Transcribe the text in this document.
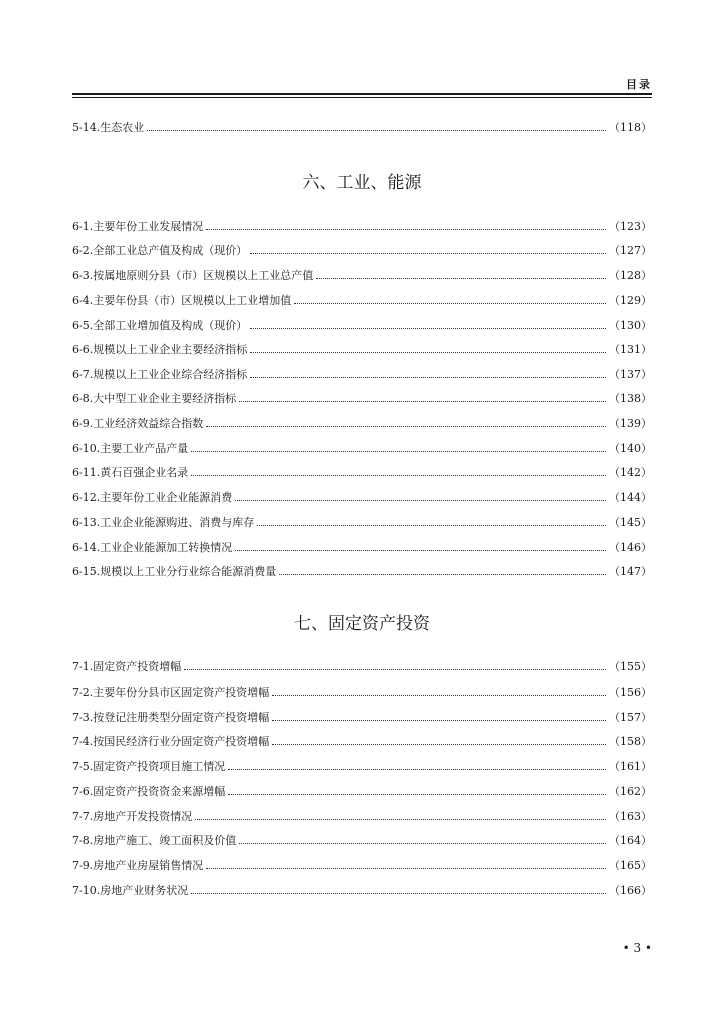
目录
5-14. 生态农业	（118）
六、工业、能源
6-1. 主要年份工业发展情况	（123）
6-2. 全部工业总产值及构成（现价）	（127）
6-3. 按属地原则分县（市）区规模以上工业总产值	（128）
6-4. 主要年份县（市）区规模以上工业增加值	（129）
6-5. 全部工业增加值及构成（现价）	（130）
6-6. 规模以上工业企业主要经济指标	（131）
6-7. 规模以上工业企业综合经济指标	（137）
6-8. 大中型工业企业主要经济指标	（138）
6-9. 工业经济效益综合指数	（139）
6-10. 主要工业产品产量	（140）
6-11. 黄石百强企业名录	（142）
6-12. 主要年份工业企业能源消费	（144）
6-13. 工业企业能源购进、消费与库存	（145）
6-14. 工业企业能源加工转换情况	（146）
6-15. 规模以上工业分行业综合能源消费量	（147）
七、固定资产投资
7-1. 固定资产投资增幅	（155）
7-2. 主要年份分县市区固定资产投资增幅	（156）
7-3. 按登记注册类型分固定资产投资增幅	（157）
7-4. 按国民经济行业分固定资产投资增幅	（158）
7-5. 固定资产投资项目施工情况	（161）
7-6. 固定资产投资资金来源增幅	（162）
7-7. 房地产开发投资情况	（163）
7-8. 房地产施工、竣工面积及价值	（164）
7-9. 房地产业房屋销售情况	（165）
7-10. 房地产业财务状况	（166）
• 3 •
